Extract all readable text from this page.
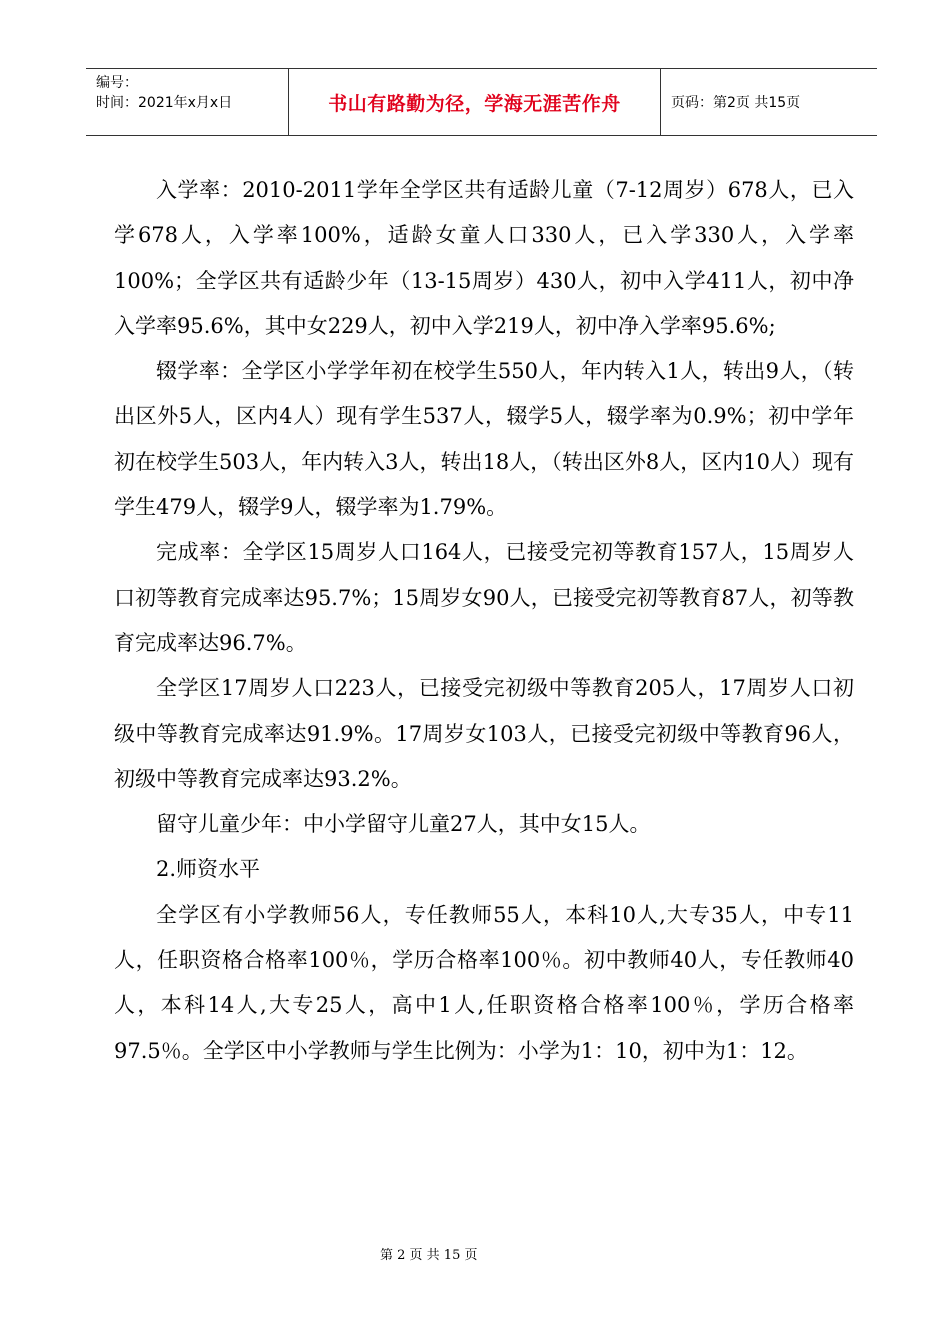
编号：
时间：2021年x月x日	书山有路勤为径，学海无涯苦作舟	页码：第2页 共15页

入学率：2010-2011学年全学区共有适龄儿童（7-12周岁）678人，已入学678人，入学率100%，适龄女童人口330人，已入学330人，入学率100%；全学区共有适龄少年（13-15周岁）430人，初中入学411人，初中净入学率95.6%，其中女229人，初中入学219人，初中净入学率95.6%;

辍学率：全学区小学学年初在校学生550人，年内转入1人，转出9人，（转出区外5人，区内4人）现有学生537人，辍学5人，辍学率为0.9%；初中学年初在校学生503人，年内转入3人，转出18人，（转出区外8人，区内10人）现有学生479人，辍学9人，辍学率为1.79%。

完成率：全学区15周岁人口164人，已接受完初等教育157人，15周岁人口初等教育完成率达95.7%；15周岁女90人，已接受完初等教育87人，初等教育完成率达96.7%。

全学区17周岁人口223人，已接受完初级中等教育205人，17周岁人口初级中等教育完成率达91.9%。17周岁女103人，已接受完初级中等教育96人，初级中等教育完成率达93.2%。

留守儿童少年：中小学留守儿童27人，其中女15人。

2.师资水平

全学区有小学教师56人，专任教师55人，本科10人,大专35人，中专11人，任职资格合格率100％，学历合格率100％。初中教师40人，专任教师40人，本科14人,大专25人，高中1人,任职资格合格率100％，学历合格率97.5％。全学区中小学教师与学生比例为：小学为1：10，初中为1：12。

第 2 页 共 15 页
